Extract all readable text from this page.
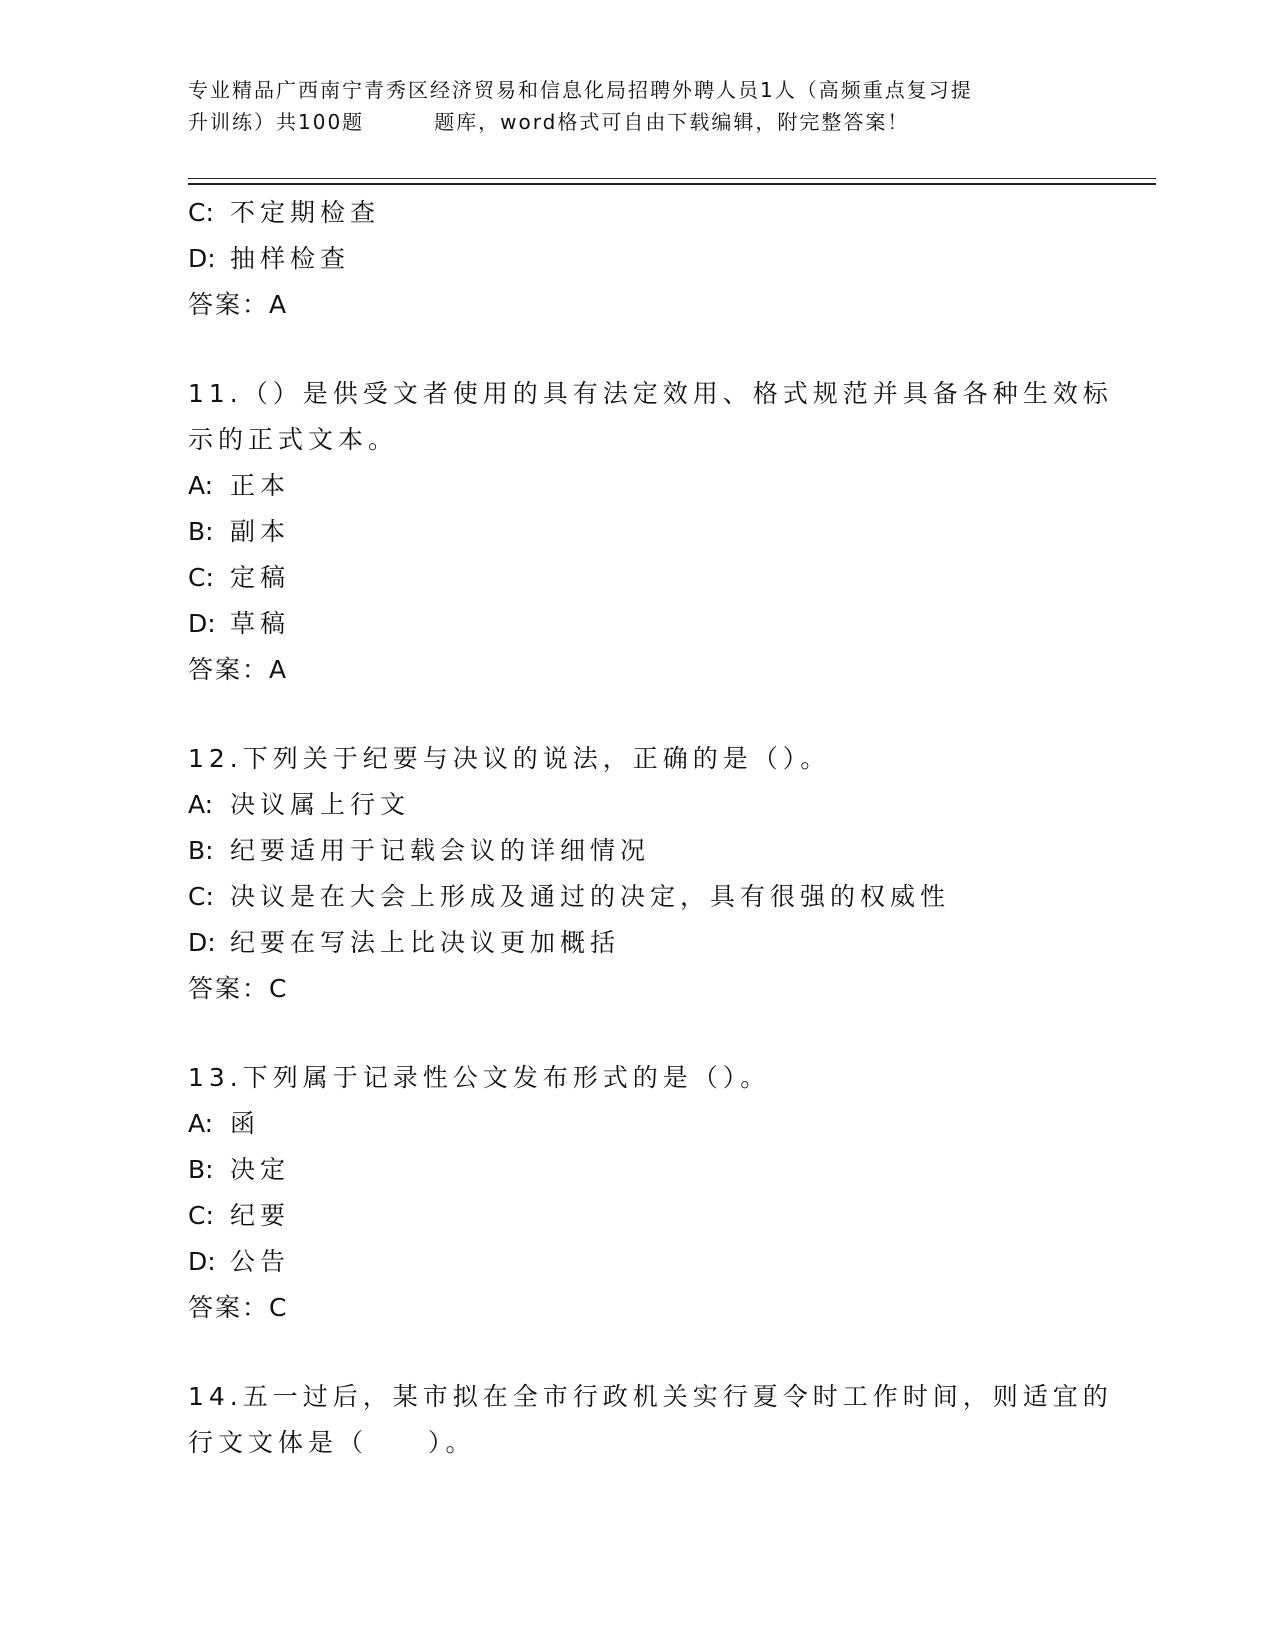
专业精品广西南宁青秀区经济贸易和信息化局招聘外聘人员1人（高频重点复习提
升训练）共100题	题库，word格式可自由下载编辑，附完整答案！
C: 不定期检查
D: 抽样检查
答案：A
11.（）是供受文者使用的具有法定效用、格式规范并具备各种生效标
示的正式文本。
A: 正本
B: 副本
C: 定稿
D: 草稿
答案：A
12.下列关于纪要与决议的说法，正确的是（）。
A: 决议属上行文
B: 纪要适用于记载会议的详细情况
C: 决议是在大会上形成及通过的决定，具有很强的权威性
D: 纪要在写法上比决议更加概括
答案：C
13.下列属于记录性公文发布形式的是（）。
A: 函
B: 决定
C: 纪要
D: 公告
答案：C
14.五一过后，某市拟在全市行政机关实行夏令时工作时间，则适宜的
行文文体是（　　）。
